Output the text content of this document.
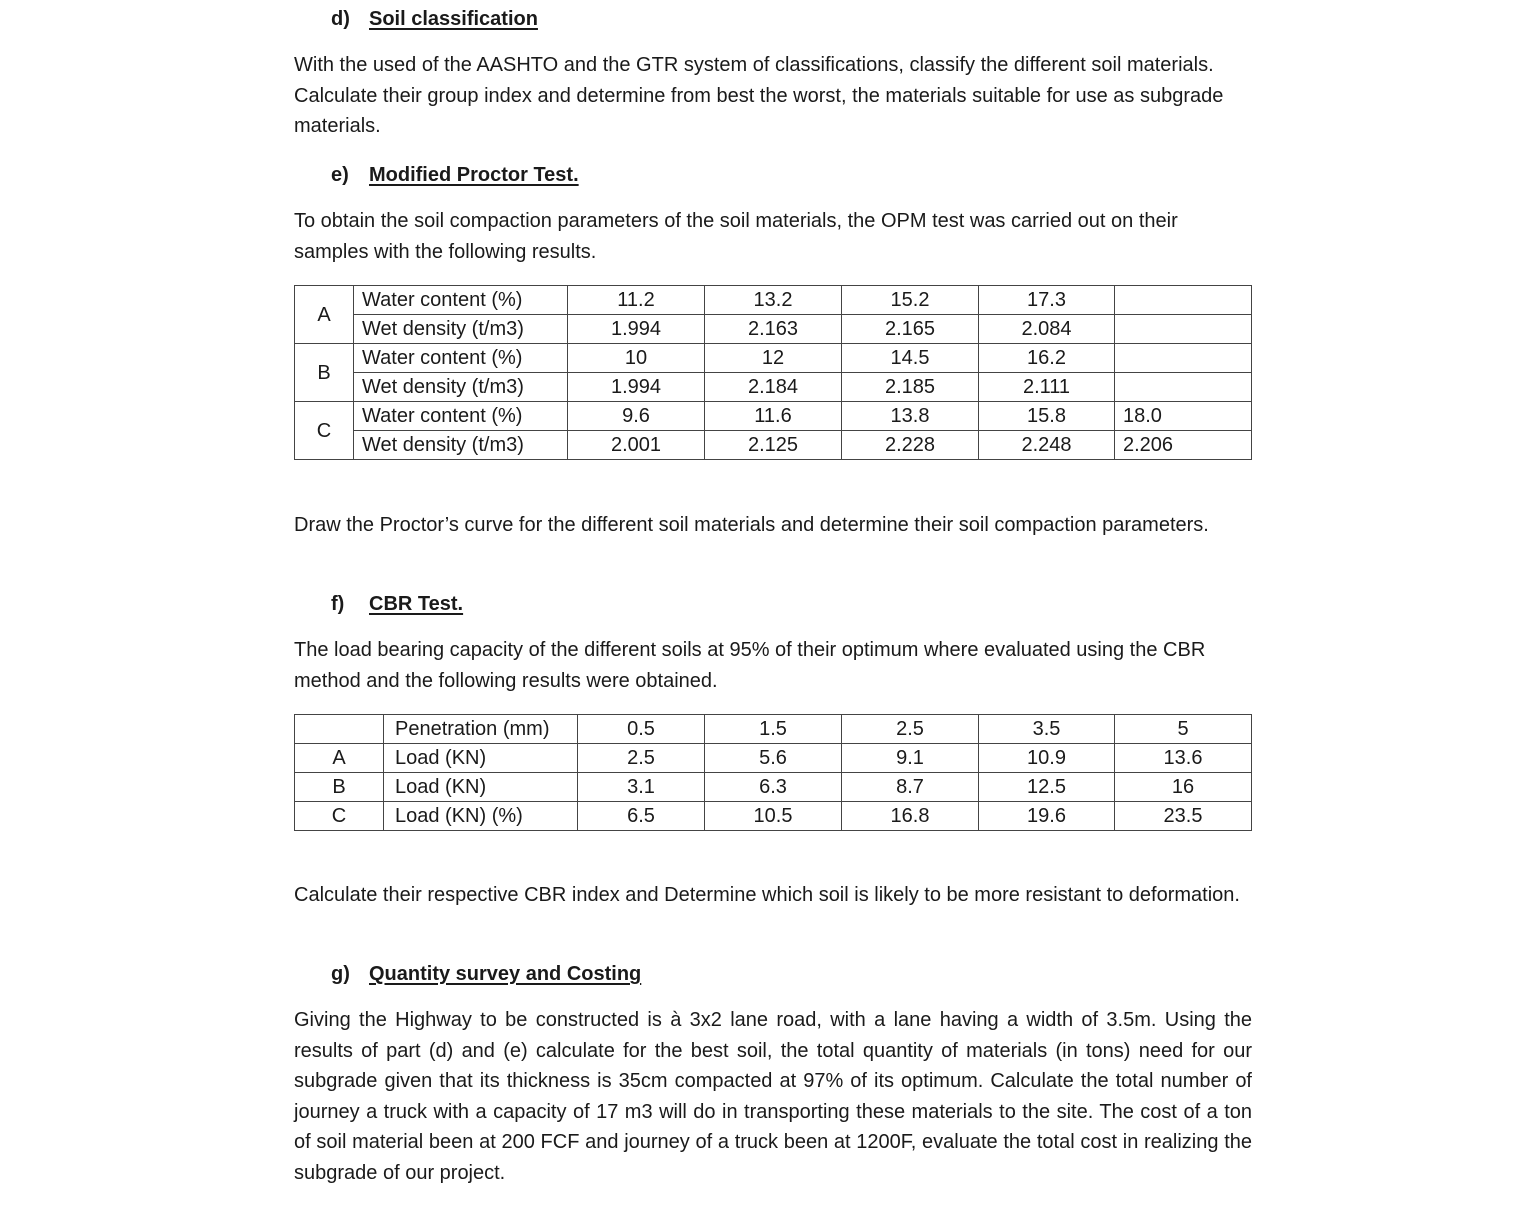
d) Soil classification

With the used of the AASHTO and the GTR system of classifications, classify the different soil materials. Calculate their group index and determine from best the worst, the materials suitable for use as subgrade materials.

e) Modified Proctor Test.

To obtain the soil compaction parameters of the soil materials, the OPM test was carried out on their samples with the following results.

A	Water content (%)	11.2	13.2	15.2	17.3	
	Wet density (t/m3)	1.994	2.163	2.165	2.084	
B	Water content (%)	10	12	14.5	16.2	
	Wet density (t/m3)	1.994	2.184	2.185	2.111	
C	Water content (%)	9.6	11.6	13.8	15.8	18.0
	Wet density (t/m3)	2.001	2.125	2.228	2.248	2.206

Draw the Proctor’s curve for the different soil materials and determine their soil compaction parameters.

f) CBR Test.

The load bearing capacity of the different soils at 95% of their optimum where evaluated using the CBR method and the following results were obtained.

	Penetration (mm)	0.5	1.5	2.5	3.5	5
A	Load (KN)	2.5	5.6	9.1	10.9	13.6
B	Load (KN)	3.1	6.3	8.7	12.5	16
C	Load (KN) (%)	6.5	10.5	16.8	19.6	23.5

Calculate their respective CBR index and Determine which soil is likely to be more resistant to deformation.

g) Quantity survey and Costing

Giving the Highway to be constructed is à 3x2 lane road, with a lane having a width of 3.5m. Using the results of part (d) and (e) calculate for the best soil, the total quantity of materials (in tons) need for our subgrade given that its thickness is 35cm compacted at 97% of its optimum. Calculate the total number of journey a truck with a capacity of 17 m3 will do in transporting these materials to the site. The cost of a ton of soil material been at 200 FCF and journey of a truck been at 1200F, evaluate the total cost in realizing the subgrade of our project.
